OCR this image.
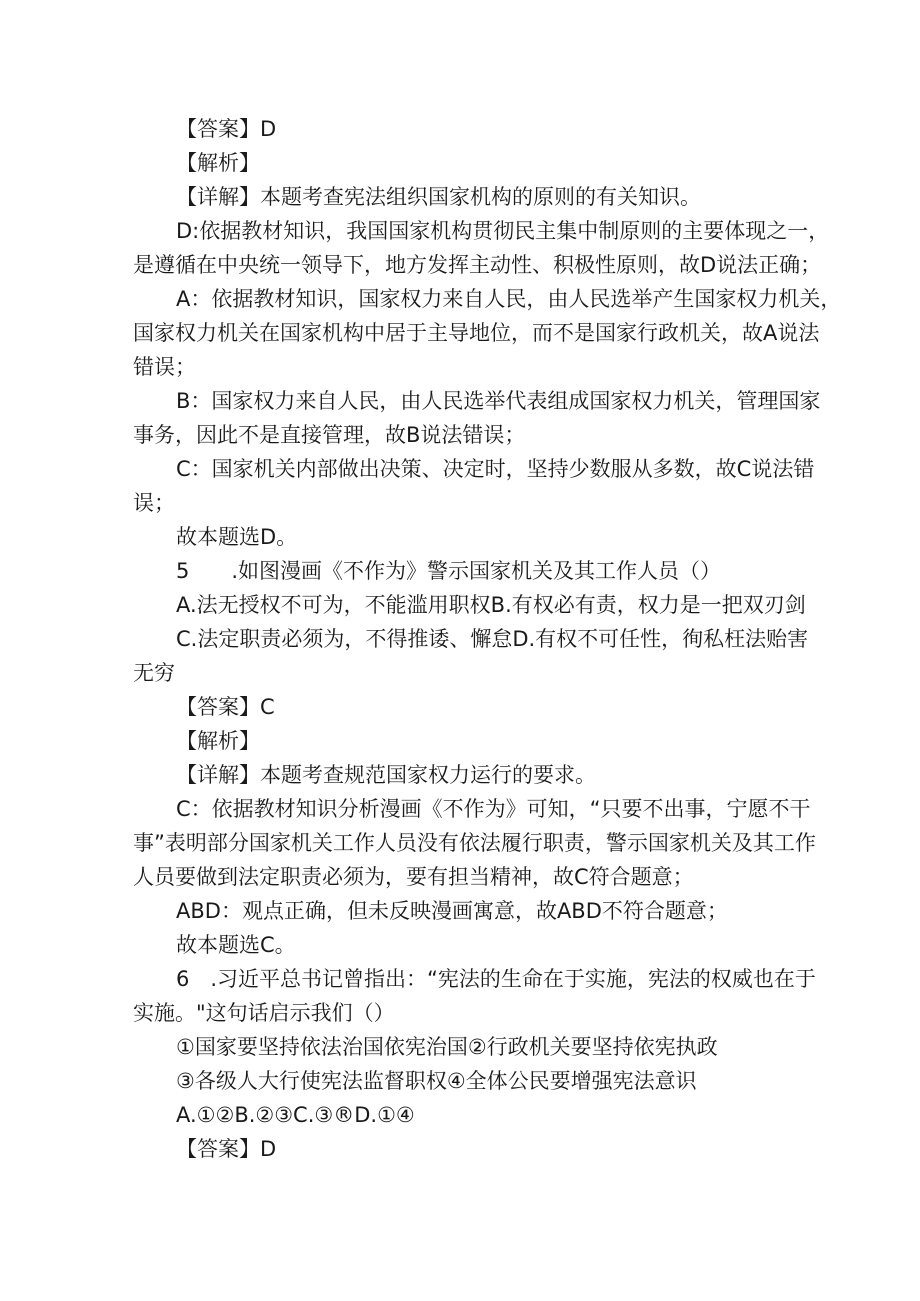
【答案】D
【解析】
【详解】本题考查宪法组织国家机构的原则的有关知识。
D:依据教材知识，我国国家机构贯彻民主集中制原则的主要体现之一，
是遵循在中央统一领导下，地方发挥主动性、积极性原则，故D说法正确；
A：依据教材知识，国家权力来自人民，由人民选举产生国家权力机关，
国家权力机关在国家机构中居于主导地位，而不是国家行政机关，故A说法
错误；
B：国家权力来自人民，由人民选举代表组成国家权力机关，管理国家
事务，因此不是直接管理，故B说法错误；
C：国家机关内部做出决策、决定时，坚持少数服从多数，故C说法错
误；
故本题选D。
5　　.如图漫画《不作为》警示国家机关及其工作人员（）
A.法无授权不可为，不能滥用职权B.有权必有责，权力是一把双刃剑
C.法定职责必须为，不得推诿、懈怠D.有权不可任性，徇私枉法贻害
无穷
【答案】C
【解析】
【详解】本题考查规范国家权力运行的要求。
C：依据教材知识分析漫画《不作为》可知，“只要不出事，宁愿不干
事”表明部分国家机关工作人员没有依法履行职责，警示国家机关及其工作
人员要做到法定职责必须为，要有担当精神，故C符合题意；
ABD：观点正确，但未反映漫画寓意，故ABD不符合题意；
故本题选C。
6　.习近平总书记曾指出：“宪法的生命在于实施，宪法的权威也在于
实施。"这句话启示我们（）
①国家要坚持依法治国依宪治国②行政机关要坚持依宪执政
③各级人大行使宪法监督职权④全体公民要增强宪法意识
A.①②B.②③C.③®D.①④
【答案】D
